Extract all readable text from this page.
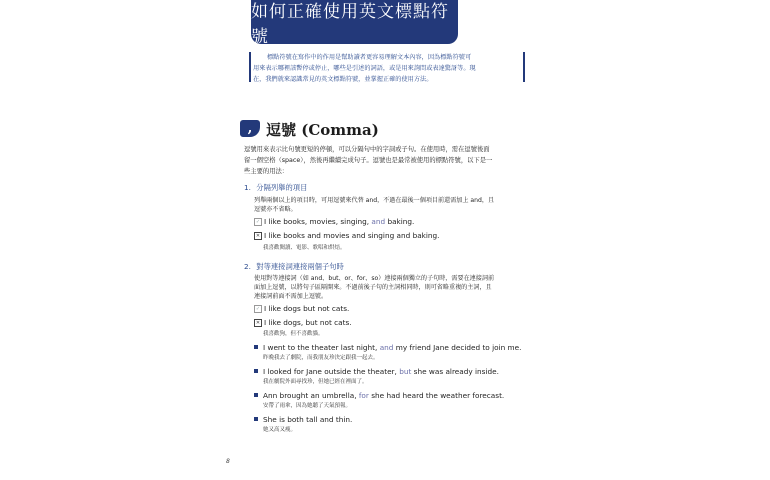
如何正確使用英文標點符號

標點符號在寫作中的作用是幫助讀者更容易理解文本內容，因為標點符號可

用來表示哪裡該暫停或停止，哪些是引述的詞語，或是用來詢問或表達驚訝等。現

在，我們就來認識常見的英文標點符號，並掌握正確的使用方法。

, 逗號 (Comma)
逗號用來表示比句號更短的停頓，可以分隔句中的字詞或子句。在使用時，需在逗號後面
留一個空格（space），然後再繼續完成句子。逗號也是最常被使用的標點符號，以下是一
些主要的用法：
1. 分隔列舉的項目
列舉兩個以上的項目時，可用逗號來代替 and，不過在最後一個項目前還需加上 and，且
逗號亦不省略。
✓ I like books, movies, singing, and baking.
✕ I like books and movies and singing and baking.
我喜歡閱讀、電影、歌唱和烘焙。
2. 對等連接詞連接兩個子句時
使用對等連接詞（如 and、but、or、for、so）連接兩個獨立的子句時，需要在連接詞前
面加上逗號，以將句子區隔開來。不過前後子句的主詞相同時，則可省略重複的主詞，且
連接詞前面不需加上逗號。
✓ I like dogs but not cats.
✕ I like dogs, but not cats.
我喜歡狗，但不喜歡貓。
I went to the theater last night, and my friend Jane decided to join me.
昨晚我去了劇院，而我朋友珍決定跟我一起去。
I looked for Jane outside the theater, but she was already inside.
我在劇院外面尋找珍，但她已經在裡面了。
Ann brought an umbrella, for she had heard the weather forecast.
安帶了雨傘，因為她聽了天氣預報。
She is both tall and thin.
她又高又瘦。
8
